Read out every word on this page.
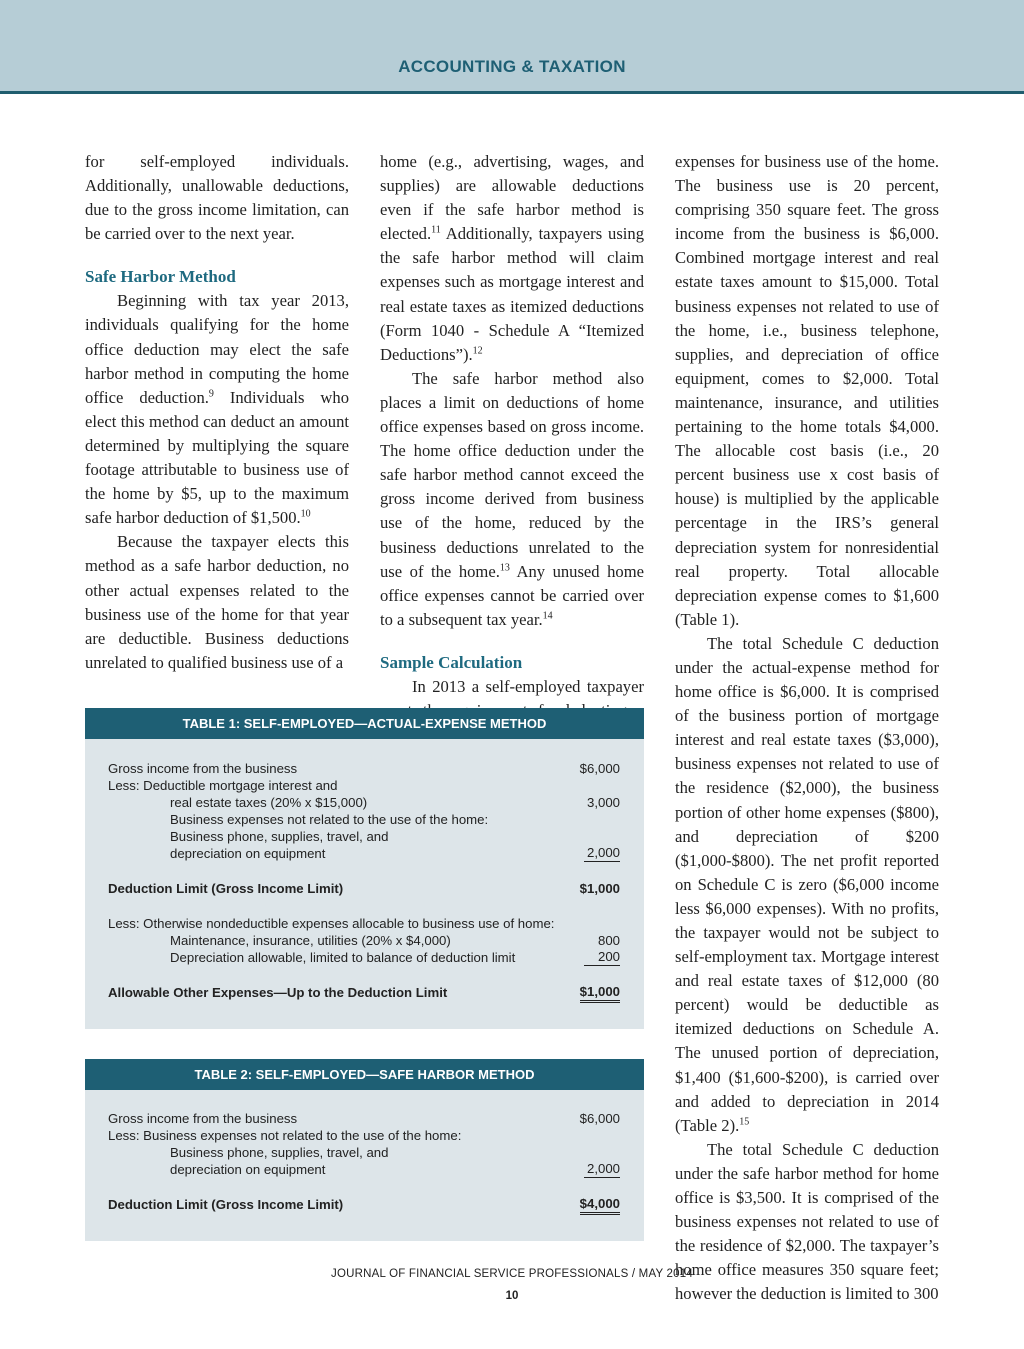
ACCOUNTING & TAXATION

for self-employed individuals. Additionally, unallowable deductions, due to the gross income limitation, can be carried over to the next year.

Safe Harbor Method

Beginning with tax year 2013, individuals qualifying for the home office deduction may elect the safe harbor method in computing the home office deduction.$^9$ Individuals who elect this method can deduct an amount determined by multiplying the square footage attributable to business use of the home by $5, up to the maximum safe harbor deduction of $1,500.10

Because the taxpayer elects this method as a safe harbor deduction, no other actual expenses related to the business use of the home for that year are deductible. Business deductions unrelated to qualified business use of a

home (e.g., advertising, wages, and supplies) are allowable deductions even if the safe harbor method is elected.$^{11}$ Additionally, taxpayers using the safe harbor method will claim expenses such as mortgage interest and real estate taxes as itemized deductions (Form 1040 - Schedule A “Itemized Deductions”).$^{12}$

The safe harbor method also places a limit on deductions of home office expenses based on gross income. The home office deduction under the safe harbor method cannot exceed the gross income derived from business use of the home, reduced by the business deductions unrelated to the use of the home.$^{13}$ Any unused home office expenses cannot be carried over to a subsequent tax year.$^{14}$

Sample Calculation

In 2013 a self-employed taxpayer

expenses for business use of the home. The business use is 20 percent, comprising 350 square feet. The gross income from the business is $6,000. Combined mortgage interest and real estate taxes amount to $15,000. Total business expenses not related to use of the home, i.e., business telephone, supplies, and depreciation of office equipment, comes to $2,000. Total maintenance, insurance, and utilities pertaining to the home totals $4,000. The allocable cost basis (i.e., 20 percent business use x cost basis of house) is multiplied by the applicable percentage in the IRS’s general depreciation system for nonresidential real property. Total allocable depreciation expense comes to $1,600 (Table 1).

The total Schedule C deduction under the actual-expense method for home office is $6,000. It is comprised of the business portion of mortgage interest and real estate taxes ($3,000), business expenses not related to use of the residence ($2,000), the business portion of other home expenses ($800), and depreciation of $200 ($1,000-$800). The net profit reported on Schedule C is zero ($6,000 income less $6,000 expenses). With no profits, the taxpayer would not be subject to self-employment tax. Mortgage interest and real estate taxes of $12,000 (80 percent) would be deductible as itemized deductions on Schedule A. The unused portion of depreciation, $1,400 ($1,600-$200), is carried over and added to depreciation in 2014 (Table 2).$^{15}$

The total Schedule C deduction under the safe harbor method for home office is $3,500. It is comprised of the business expenses not related to use of the residence of $2,000. The taxpayer’s home office measures 350 square feet; however the deduction is limited to 300

TABLE 1: SELF-EMPLOYED—ACTUAL-EXPENSE METHOD
Gross income from the business	$6,000
Less: Deductible mortgage interest and
real estate taxes (20% x $15,000)	3,000
Business expenses not related to the use of the home:
Business phone, supplies, travel, and
depreciation on equipment	2,000
Deduction Limit (Gross Income Limit)	$1,000
Less: Otherwise nondeductible expenses allocable to business use of home:
Maintenance, insurance, utilities (20% x $4,000)	800
Depreciation allowable, limited to balance of deduction limit	200
Allowable Other Expenses—Up to the Deduction Limit	$1,000
TABLE 2: SELF-EMPLOYED—SAFE HARBOR METHOD
Gross income from the business	$6,000
Less: Business expenses not related to the use of the home:
Business phone, supplies, travel, and
depreciation on equipment	2,000
Deduction Limit (Gross Income Limit)	$4,000
JOURNAL OF FINANCIAL SERVICE PROFESSIONALS / MAY 2014
10
